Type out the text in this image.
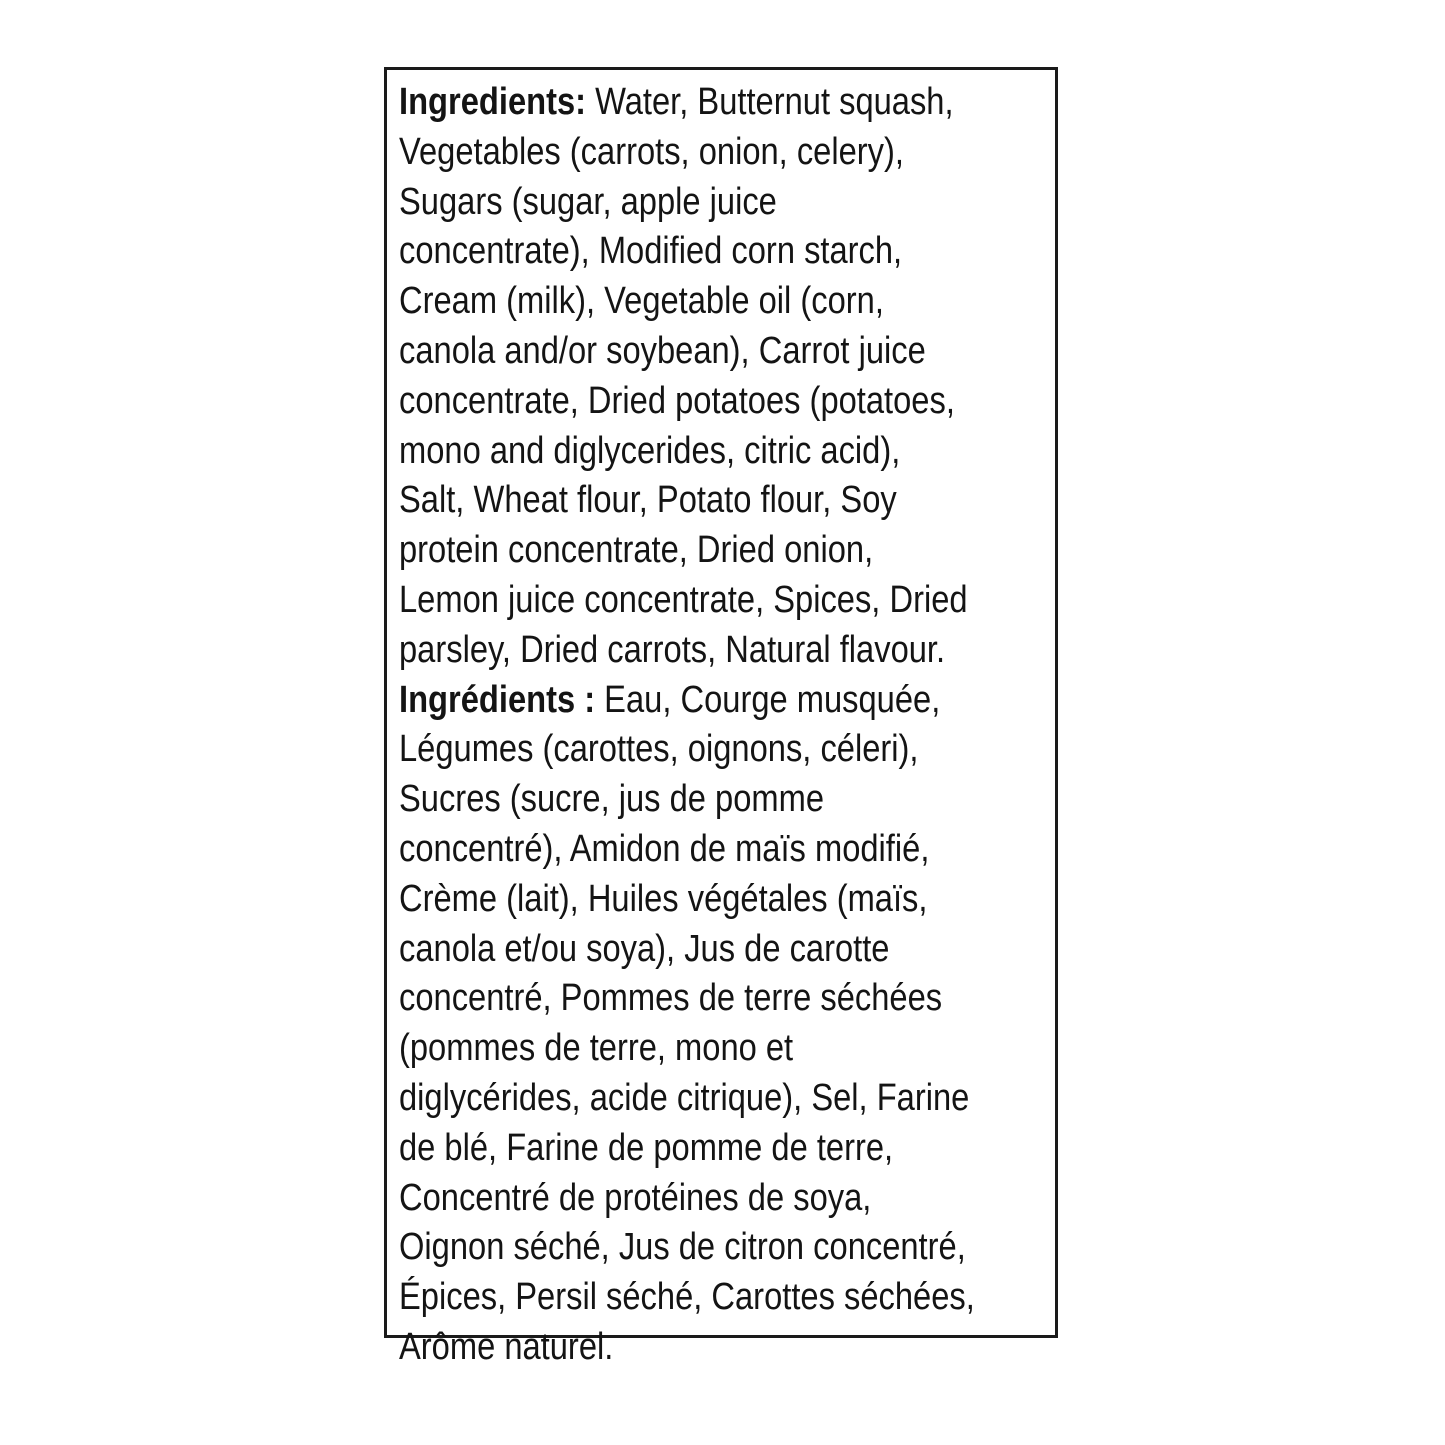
Ingredients: Water, Butternut squash,
Vegetables (carrots, onion, celery),
Sugars (sugar, apple juice
concentrate), Modified corn starch,
Cream (milk), Vegetable oil (corn,
canola and/or soybean), Carrot juice
concentrate, Dried potatoes (potatoes,
mono and diglycerides, citric acid),
Salt, Wheat flour, Potato flour, Soy
protein concentrate, Dried onion,
Lemon juice concentrate, Spices, Dried
parsley, Dried carrots, Natural flavour.
Ingrédients : Eau, Courge musquée,
Légumes (carottes, oignons, céleri),
Sucres (sucre, jus de pomme
concentré), Amidon de maïs modifié,
Crème (lait), Huiles végétales (maïs,
canola et/ou soya), Jus de carotte
concentré, Pommes de terre séchées
(pommes de terre, mono et
diglycérides, acide citrique), Sel, Farine
de blé, Farine de pomme de terre,
Concentré de protéines de soya,
Oignon séché, Jus de citron concentré,
Épices, Persil séché, Carottes séchées,
Arôme naturel.
